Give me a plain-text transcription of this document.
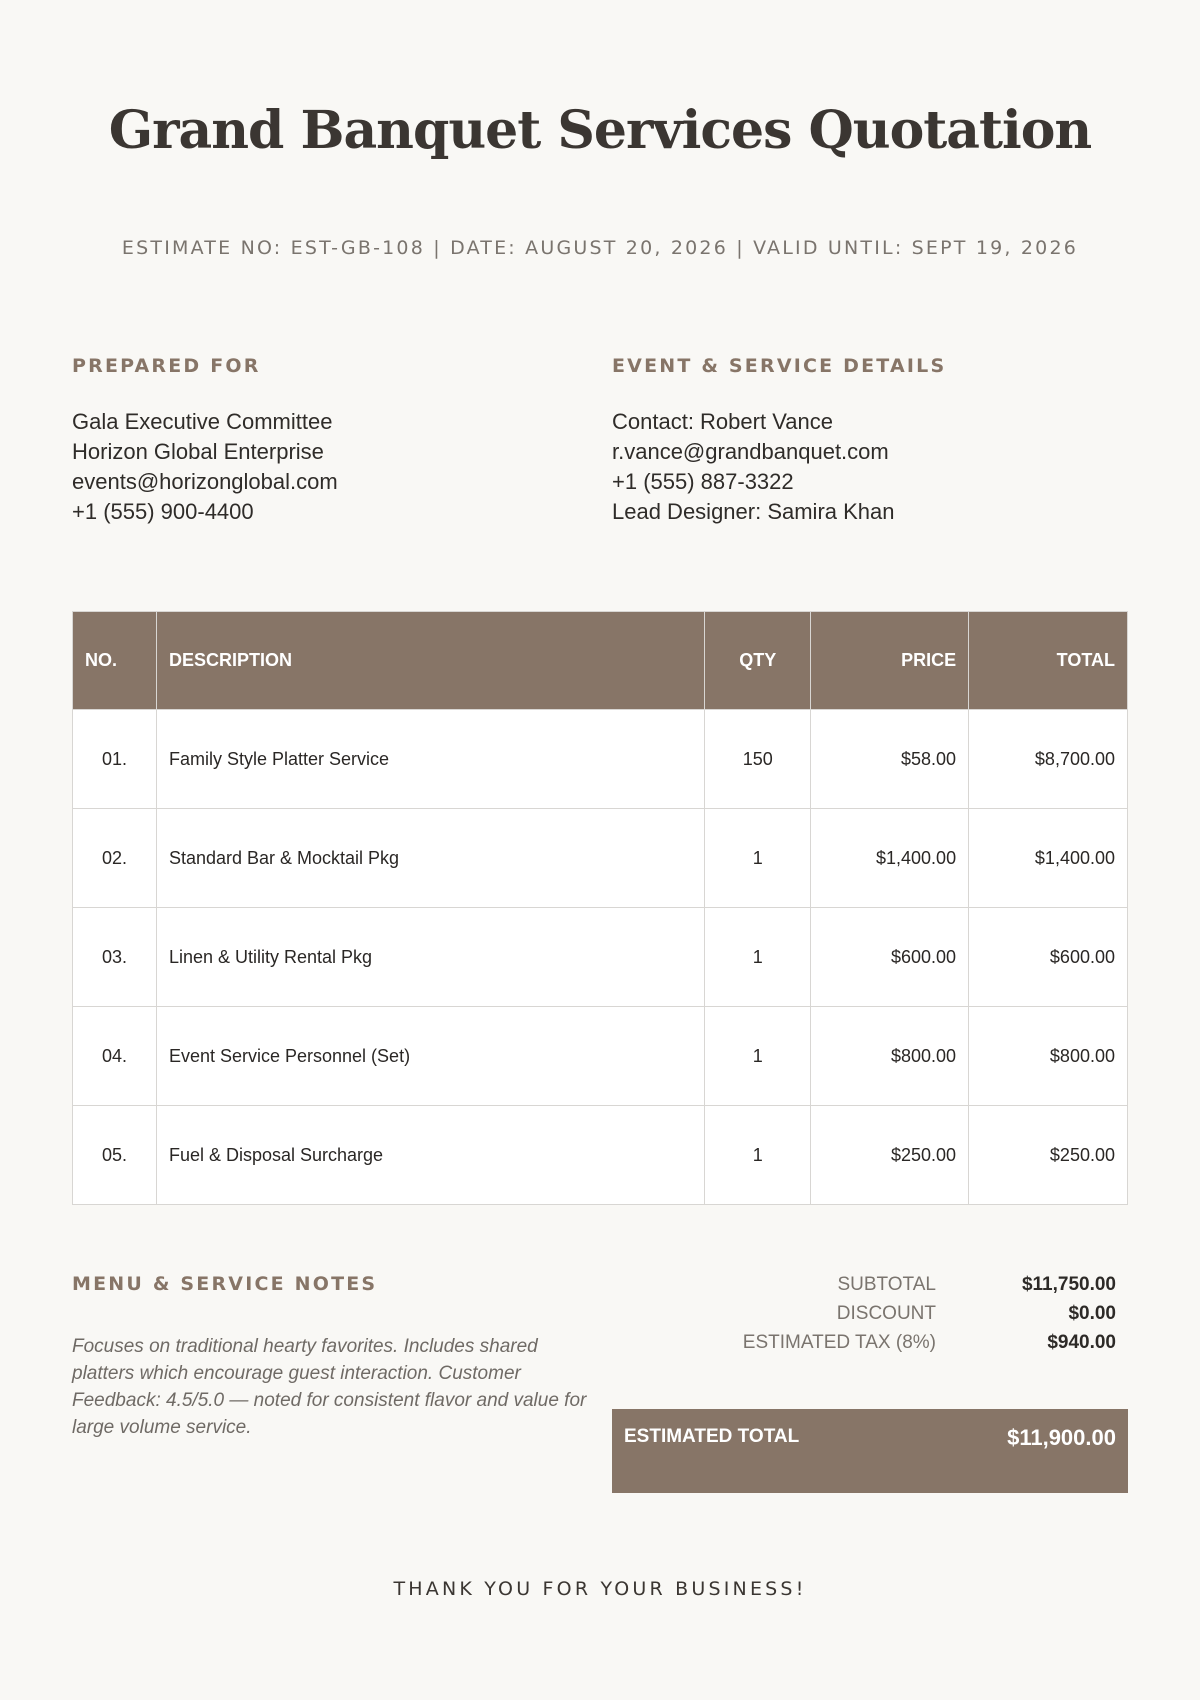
Grand Banquet Services Quotation
ESTIMATE NO: EST-GB-108 | DATE: AUGUST 20, 2026 | VALID UNTIL: SEPT 19, 2026
PREPARED FOR
Gala Executive Committee
Horizon Global Enterprise
events@horizonglobal.com
+1 (555) 900-4400
EVENT & SERVICE DETAILS
Contact: Robert Vance
r.vance@grandbanquet.com
+1 (555) 887-3322
Lead Designer: Samira Khan
NO.	DESCRIPTION	QTY	PRICE	TOTAL
01.	Family Style Platter Service	150	$58.00	$8,700.00
02.	Standard Bar & Mocktail Pkg	1	$1,400.00	$1,400.00
03.	Linen & Utility Rental Pkg	1	$600.00	$600.00
04.	Event Service Personnel (Set)	1	$800.00	$800.00
05.	Fuel & Disposal Surcharge	1	$250.00	$250.00
MENU & SERVICE NOTES
Focuses on traditional hearty favorites. Includes shared platters which encourage guest interaction. Customer Feedback: 4.5/5.0 — noted for consistent flavor and value for large volume service.
SUBTOTAL	$11,750.00
DISCOUNT	$0.00
ESTIMATED TAX (8%)	$940.00
ESTIMATED TOTAL	$11,900.00
THANK YOU FOR YOUR BUSINESS!
